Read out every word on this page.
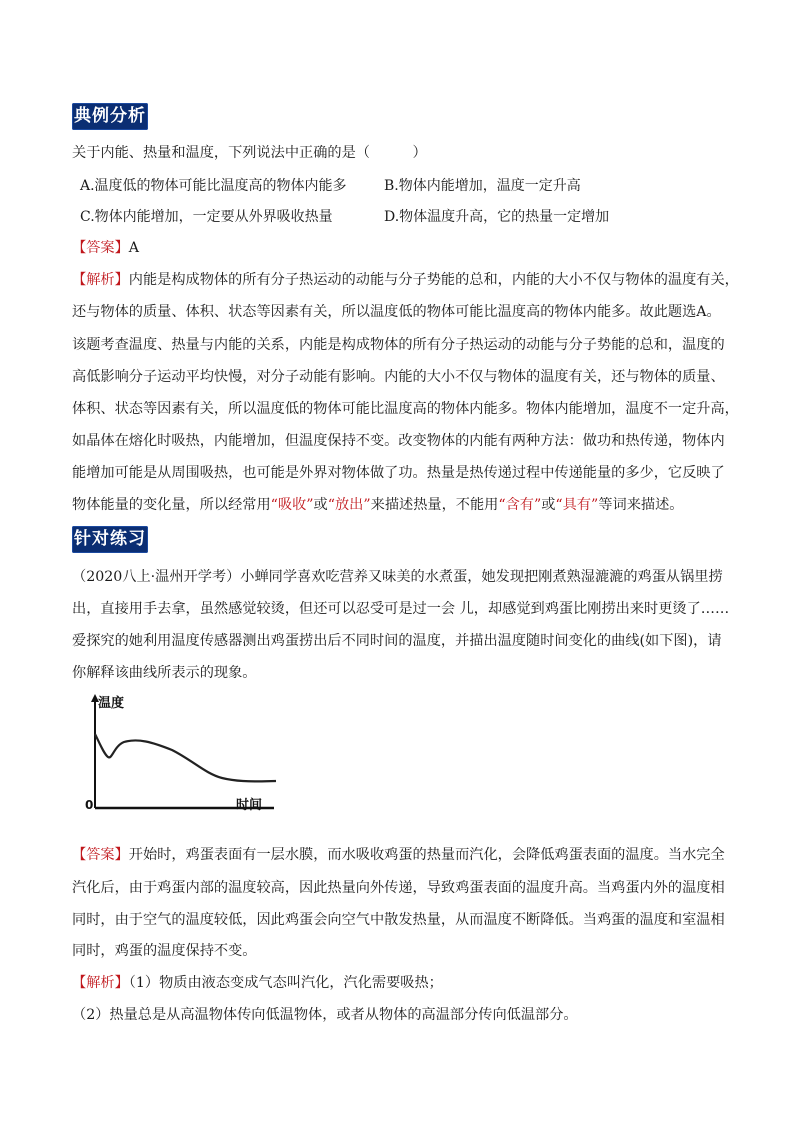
典例分析
关于内能、热量和温度，下列说法中正确的是（　　　）
A.温度低的物体可能比温度高的物体内能多	B.物体内能增加，温度一定升高
C.物体内能增加，一定要从外界吸收热量	D.物体温度升高，它的热量一定增加
【答案】A
【解析】内能是构成物体的所有分子热运动的动能与分子势能的总和，内能的大小不仅与物体的温度有关，
还与物体的质量、体积、状态等因素有关，所以温度低的物体可能比温度高的物体内能多。故此题选A。
该题考查温度、热量与内能的关系，内能是构成物体的所有分子热运动的动能与分子势能的总和，温度的
高低影响分子运动平均快慢，对分子动能有影响。内能的大小不仅与物体的温度有关，还与物体的质量、
体积、状态等因素有关，所以温度低的物体可能比温度高的物体内能多。物体内能增加，温度不一定升高，
如晶体在熔化时吸热，内能增加，但温度保持不变。改变物体的内能有两种方法：做功和热传递，物体内
能增加可能是从周围吸热，也可能是外界对物体做了功。热量是热传递过程中传递能量的多少，它反映了
物体能量的变化量，所以经常用“吸收”或“放出”来描述热量，不能用“含有”或“具有”等词来描述。
针对练习
（2020八上·温州开学考）小蝉同学喜欢吃营养又味美的水煮蛋，她发现把刚煮熟湿漉漉的鸡蛋从锅里捞
出，直接用手去拿，虽然感觉较烫，但还可以忍受可是过一会 儿，却感觉到鸡蛋比刚捞出来时更烫了……
爱探究的她利用温度传感器测出鸡蛋捞出后不同时间的温度，并描出温度随时间变化的曲线(如下图)，请
你解释该曲线所表示的现象。
温度
0	时间
【答案】开始时，鸡蛋表面有一层水膜，而水吸收鸡蛋的热量而汽化，会降低鸡蛋表面的温度。当水完全
汽化后，由于鸡蛋内部的温度较高，因此热量向外传递，导致鸡蛋表面的温度升高。当鸡蛋内外的温度相
同时，由于空气的温度较低，因此鸡蛋会向空气中散发热量，从而温度不断降低。当鸡蛋的温度和室温相
同时，鸡蛋的温度保持不变。
【解析】（1）物质由液态变成气态叫汽化，汽化需要吸热；
（2）热量总是从高温物体传向低温物体，或者从物体的高温部分传向低温部分。
